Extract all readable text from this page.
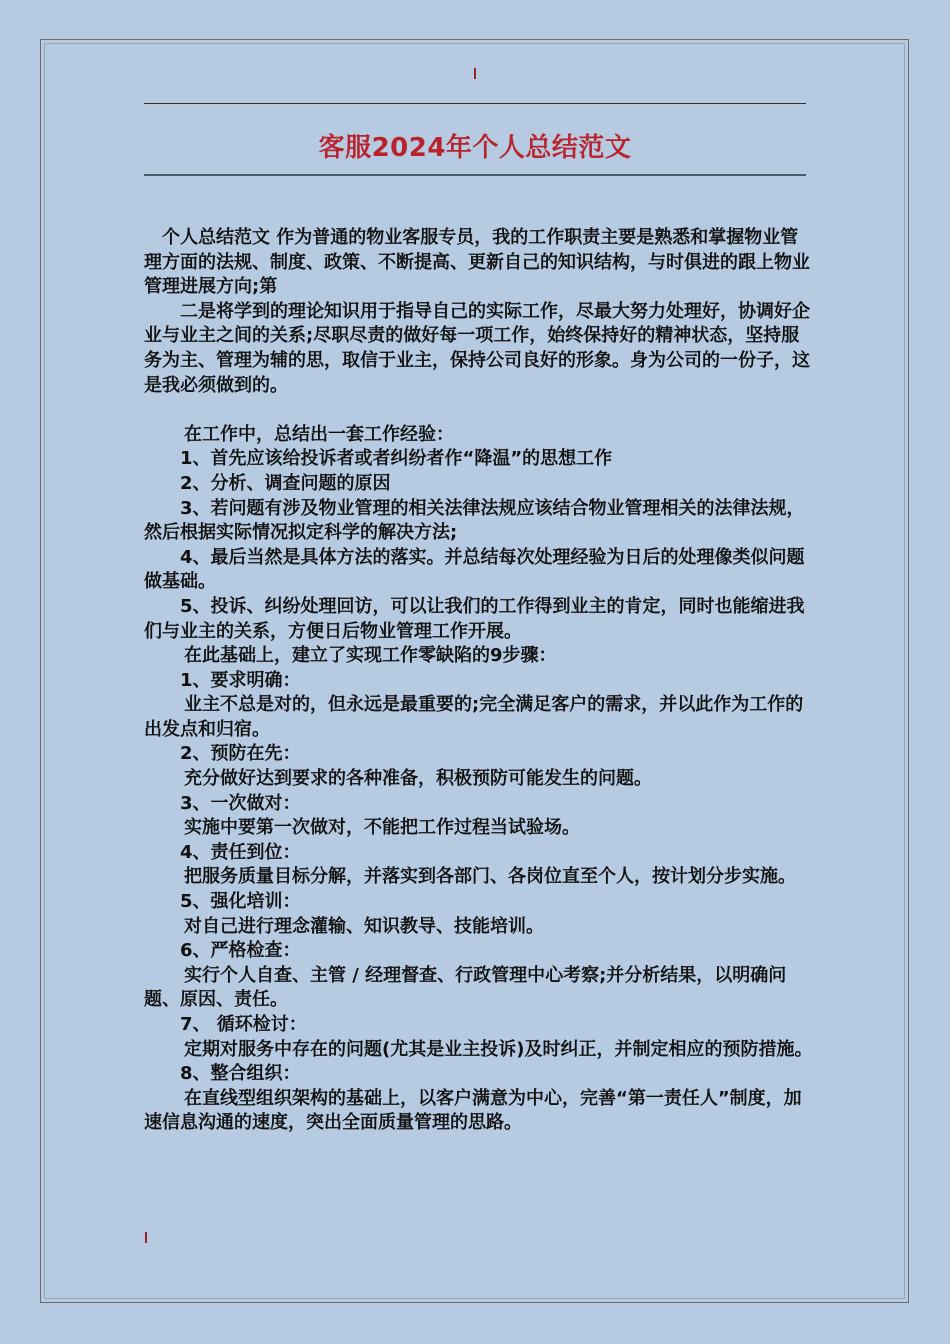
客服2024年个人总结范文

个人总结范文 作为普通的物业客服专员，我的工作职责主要是熟悉和掌握物业管理方面的法规、制度、政策、不断提高、更新自己的知识结构，与时俱进的跟上物业管理进展方向;第

二是将学到的理论知识用于指导自己的实际工作，尽最大努力处理好，协调好企业与业主之间的关系;尽职尽责的做好每一项工作，始终保持好的精神状态，坚持服务为主、管理为辅的思，取信于业主，保持公司良好的形象。身为公司的一份子，这是我必须做到的。

在工作中，总结出一套工作经验：

1、首先应该给投诉者或者纠纷者作“降温”的思想工作

2、分析、调查问题的原因

3、若问题有涉及物业管理的相关法律法规应该结合物业管理相关的法律法规，然后根据实际情况拟定科学的解决方法;

4、最后当然是具体方法的落实。并总结每次处理经验为日后的处理像类似问题做基础。

5、投诉、纠纷处理回访，可以让我们的工作得到业主的肯定，同时也能缩进我们与业主的关系，方便日后物业管理工作开展。

在此基础上，建立了实现工作零缺陷的9步骤：

1、要求明确：

业主不总是对的，但永远是最重要的;完全满足客户的需求，并以此作为工作的出发点和归宿。

2、预防在先：

充分做好达到要求的各种准备，积极预防可能发生的问题。

3、一次做对：

实施中要第一次做对，不能把工作过程当试验场。

4、责任到位：

把服务质量目标分解，并落实到各部门、各岗位直至个人，按计划分步实施。

5、强化培训：

对自己进行理念灌输、知识教导、技能培训。

6、严格检查：

实行个人自查、主管 / 经理督查、行政管理中心考察;并分析结果，以明确问题、原因、责任。

7、 循环检讨：

定期对服务中存在的问题(尤其是业主投诉)及时纠正，并制定相应的预防措施。

8、整合组织：

在直线型组织架构的基础上，以客户满意为中心，完善“第一责任人”制度，加速信息沟通的速度，突出全面质量管理的思路。
